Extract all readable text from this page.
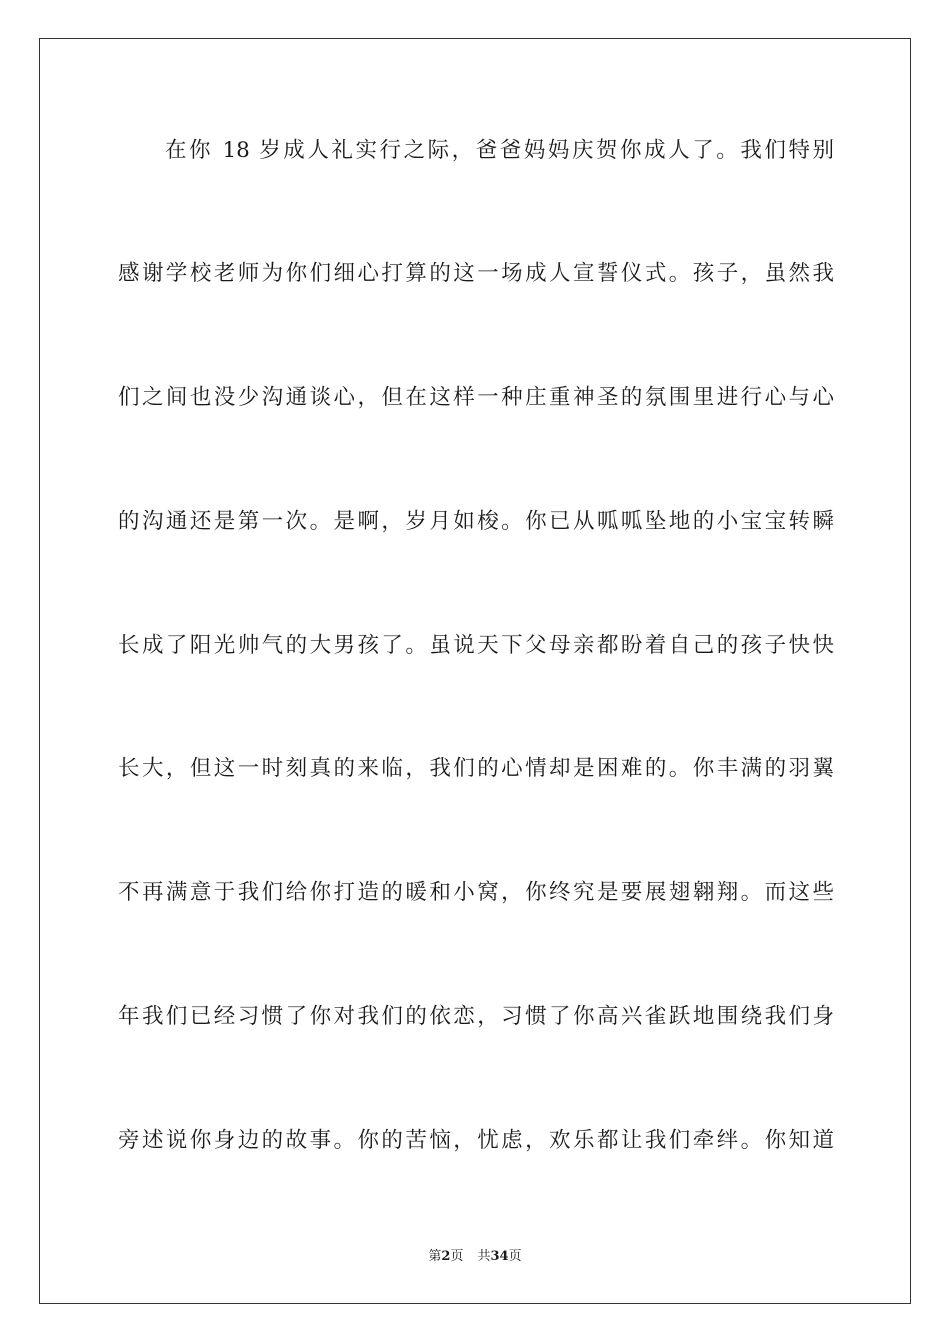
在你 18 岁成人礼实行之际，爸爸妈妈庆贺你成人了。我们特别
感谢学校老师为你们细心打算的这一场成人宣誓仪式。孩子，虽然我
们之间也没少沟通谈心，但在这样一种庄重神圣的氛围里进行心与心
的沟通还是第一次。是啊，岁月如梭。你已从呱呱坠地的小宝宝转瞬
长成了阳光帅气的大男孩了。虽说天下父母亲都盼着自己的孩子快快
长大，但这一时刻真的来临，我们的心情却是困难的。你丰满的羽翼
不再满意于我们给你打造的暖和小窝，你终究是要展翅翱翔。而这些
年我们已经习惯了你对我们的依恋，习惯了你高兴雀跃地围绕我们身
旁述说你身边的故事。你的苦恼，忧虑，欢乐都让我们牵绊。你知道
第2页 共34页
